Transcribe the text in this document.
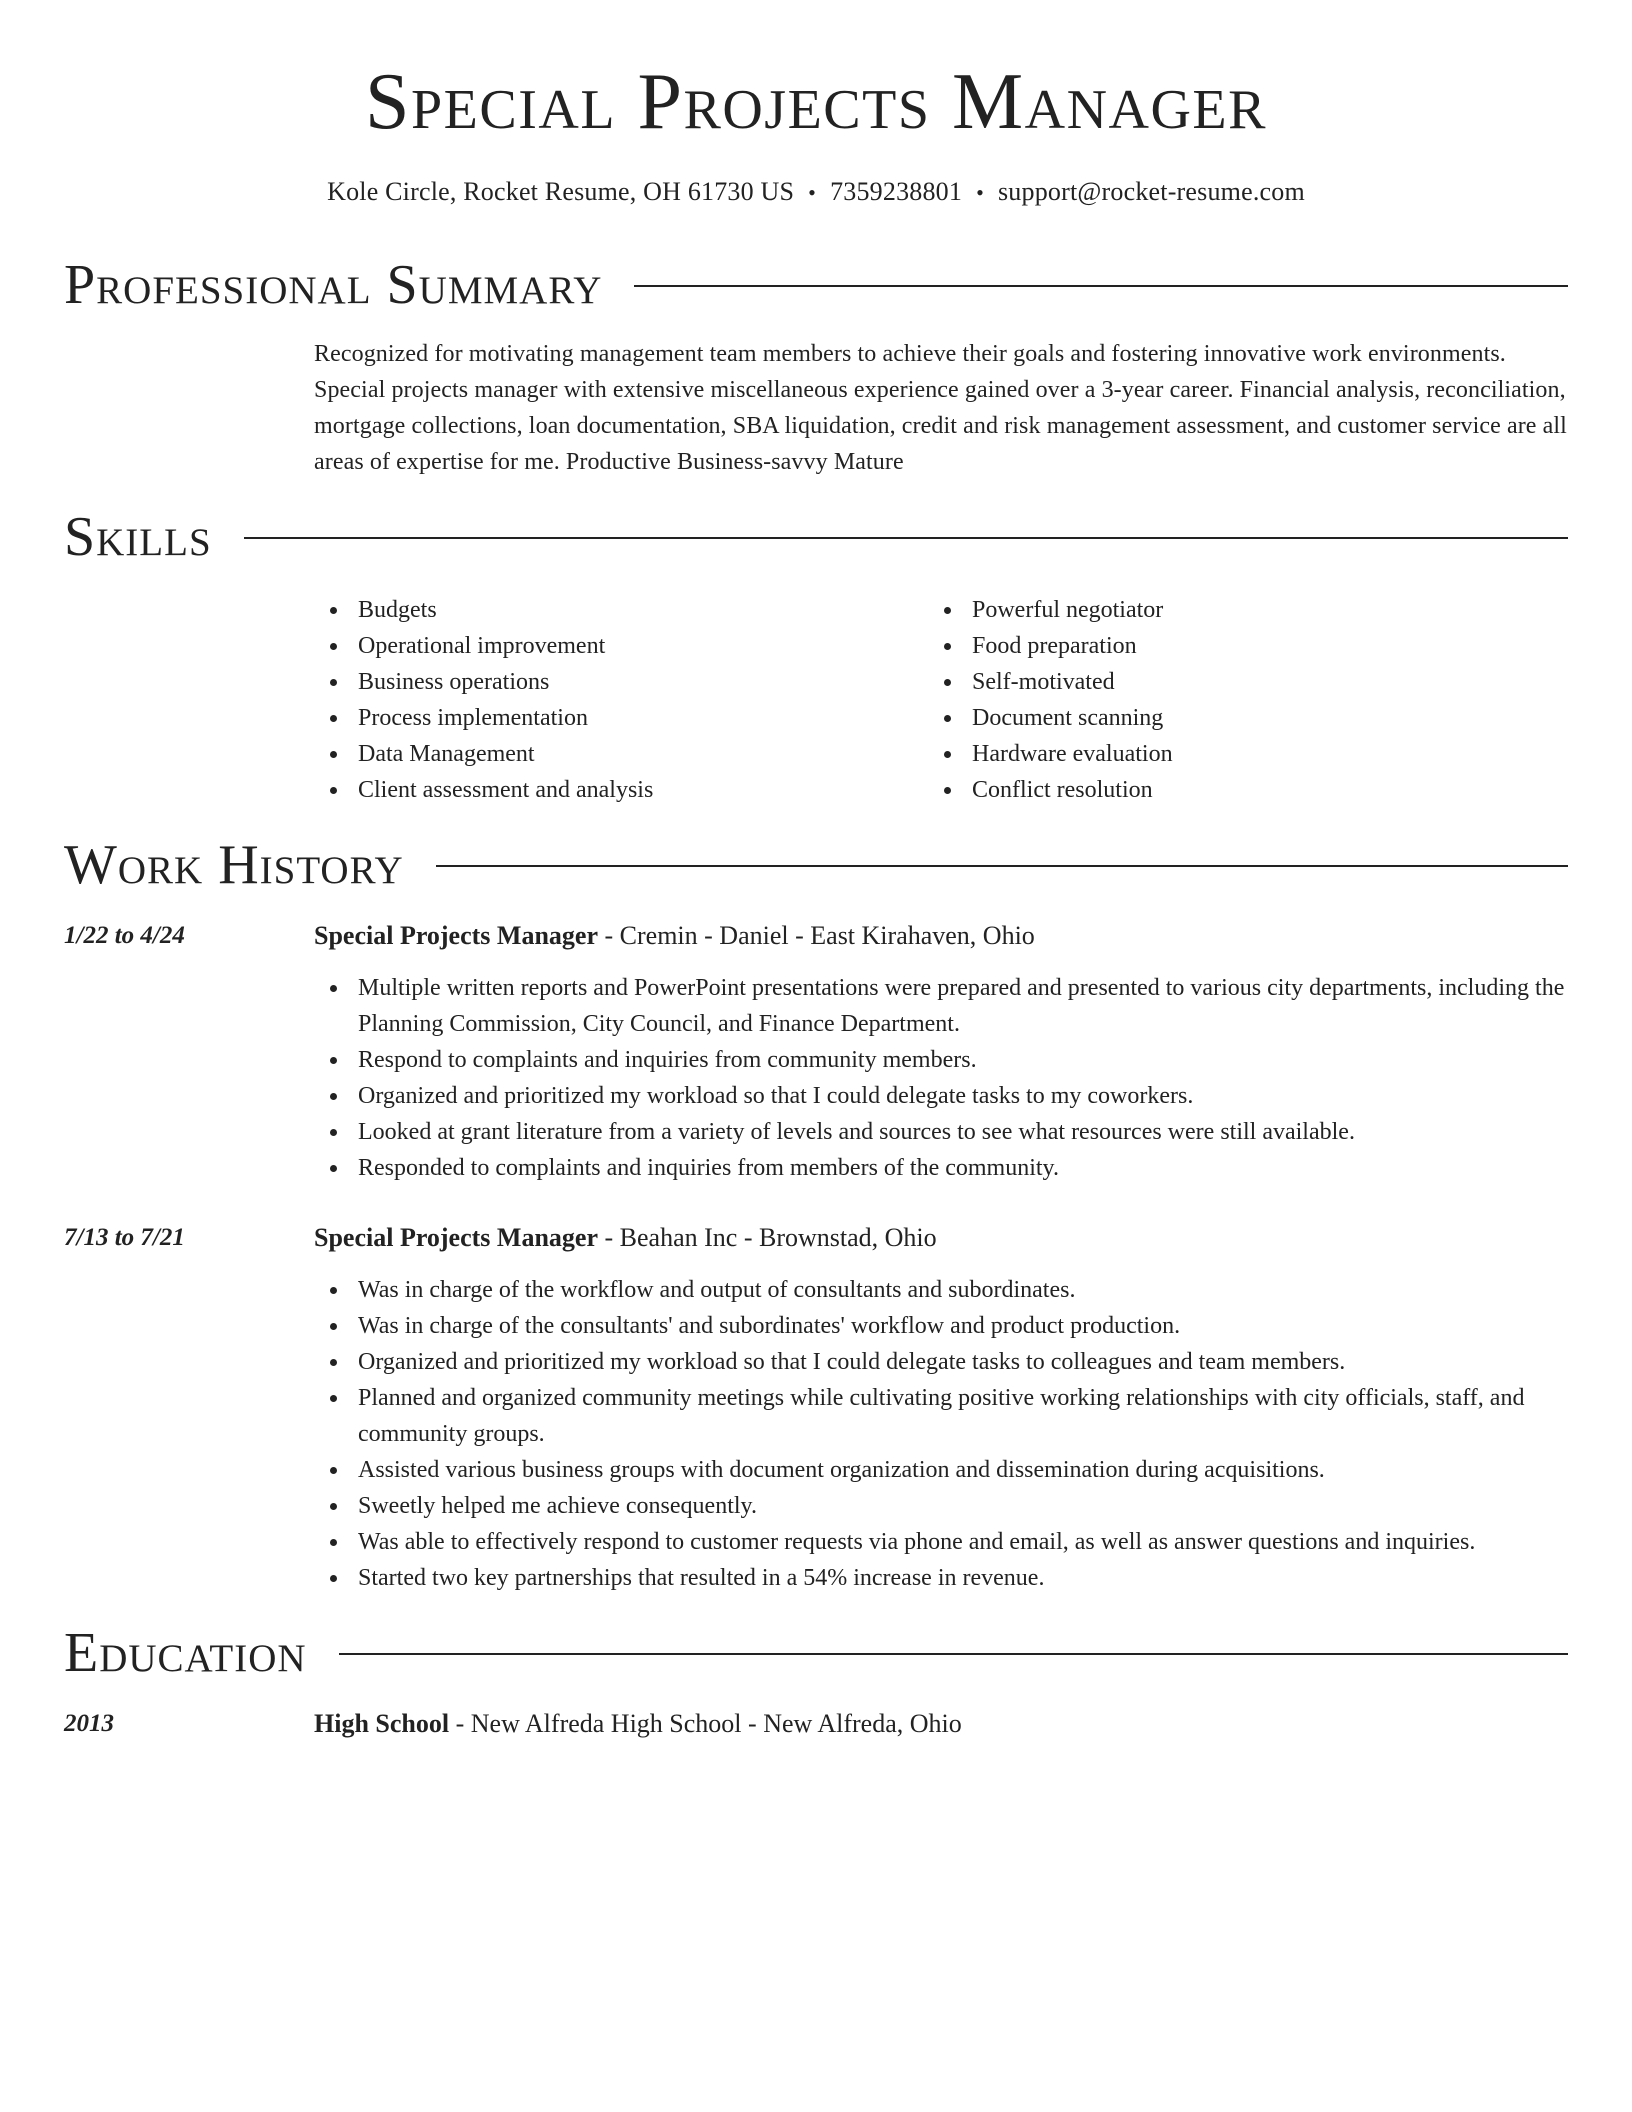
Special Projects Manager
Kole Circle, Rocket Resume, OH 61730 US • 7359238801 • support@rocket-resume.com
Professional Summary
Recognized for motivating management team members to achieve their goals and fostering innovative work environments. Special projects manager with extensive miscellaneous experience gained over a 3-year career. Financial analysis, reconciliation, mortgage collections, loan documentation, SBA liquidation, credit and risk management assessment, and customer service are all areas of expertise for me. Productive Business-savvy Mature
Skills
Budgets
Operational improvement
Business operations
Process implementation
Data Management
Client assessment and analysis
Powerful negotiator
Food preparation
Self-motivated
Document scanning
Hardware evaluation
Conflict resolution
Work History
1/22 to 4/24	Special Projects Manager - Cremin - Daniel - East Kirahaven, Ohio
Multiple written reports and PowerPoint presentations were prepared and presented to various city departments, including the Planning Commission, City Council, and Finance Department.
Respond to complaints and inquiries from community members.
Organized and prioritized my workload so that I could delegate tasks to my coworkers.
Looked at grant literature from a variety of levels and sources to see what resources were still available.
Responded to complaints and inquiries from members of the community.
7/13 to 7/21	Special Projects Manager - Beahan Inc - Brownstad, Ohio
Was in charge of the workflow and output of consultants and subordinates.
Was in charge of the consultants' and subordinates' workflow and product production.
Organized and prioritized my workload so that I could delegate tasks to colleagues and team members.
Planned and organized community meetings while cultivating positive working relationships with city officials, staff, and community groups.
Assisted various business groups with document organization and dissemination during acquisitions.
Sweetly helped me achieve consequently.
Was able to effectively respond to customer requests via phone and email, as well as answer questions and inquiries.
Started two key partnerships that resulted in a 54% increase in revenue.
Education
2013	High School - New Alfreda High School - New Alfreda, Ohio
